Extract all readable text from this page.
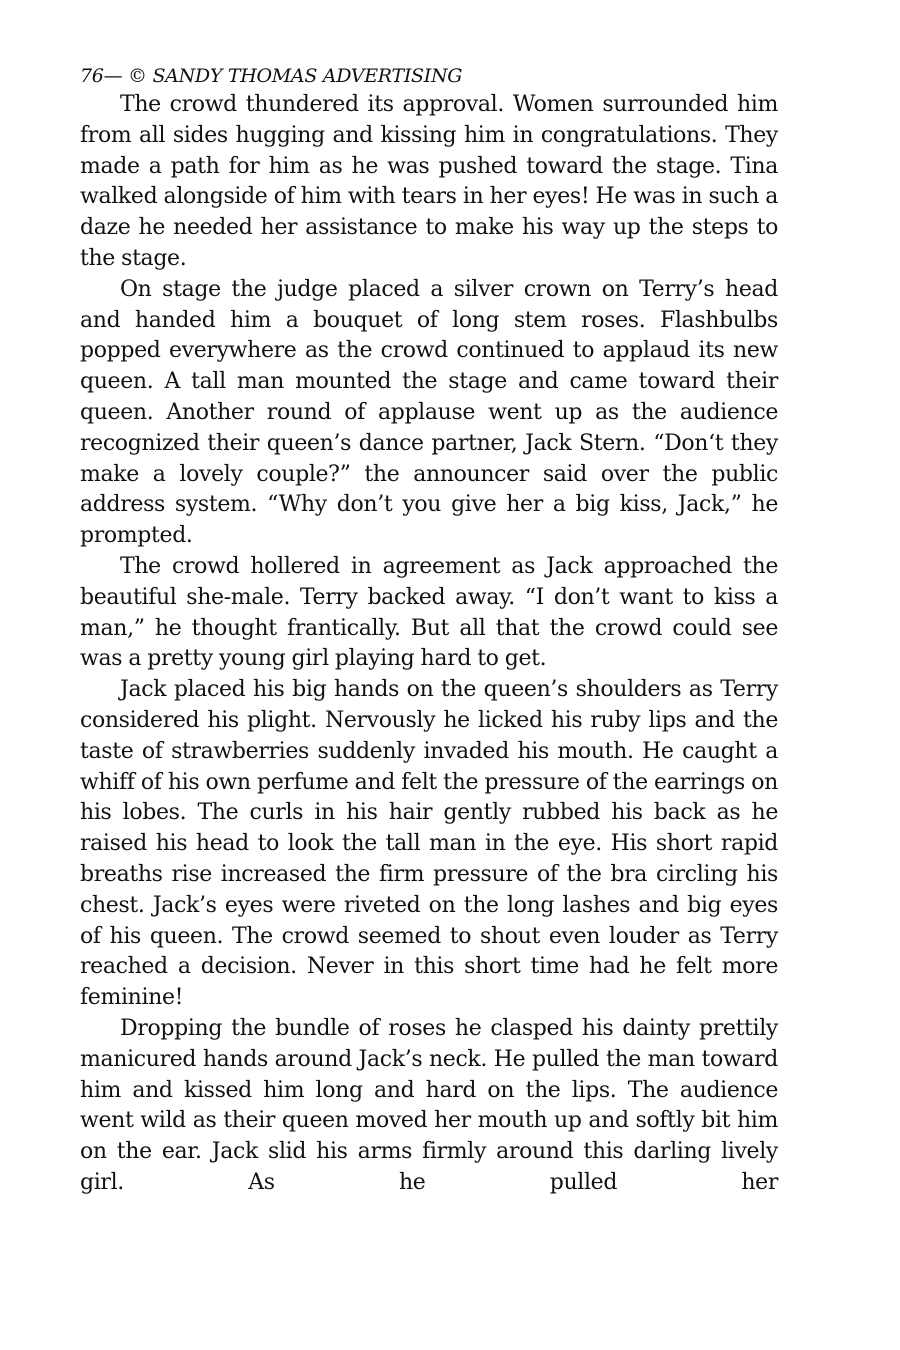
76— © SANDY THOMAS ADVERTISING

The crowd thundered its approval. Women surrounded him from all sides hugging and kissing him in congratulations. They made a path for him as he was pushed toward the stage. Tina walked alongside of him with tears in her eyes! He was in such a daze he needed her assistance to make his way up the steps to the stage.

On stage the judge placed a silver crown on Terry’s head and handed him a bouquet of long stem roses. Flashbulbs popped everywhere as the crowd continued to applaud its new queen. A tall man mounted the stage and came toward their queen. Another round of applause went up as the audience recognized their queen’s dance partner, Jack Stern. “Don‘t they make a lovely couple?” the announcer said over the public address system. “Why don’t you give her a big kiss, Jack,” he prompted.

The crowd hollered in agreement as Jack approached the beautiful she-male. Terry backed away. “I don’t want to kiss a man,” he thought frantically. But all that the crowd could see was a pretty young girl playing hard to get.

Jack placed his big hands on the queen’s shoulders as Terry considered his plight. Nervously he licked his ruby lips and the taste of strawberries suddenly invaded his mouth. He caught a whiff of his own perfume and felt the pressure of the earrings on his lobes. The curls in his hair gently rubbed his back as he raised his head to look the tall man in the eye. His short rapid breaths rise increased the firm pressure of the bra circling his chest. Jack’s eyes were riveted on the long lashes and big eyes of his queen. The crowd seemed to shout even louder as Terry reached a decision. Never in this short time had he felt more feminine!

Dropping the bundle of roses he clasped his dainty prettily manicured hands around Jack’s neck. He pulled the man toward him and kissed him long and hard on the lips. The audience went wild as their queen moved her mouth up and softly bit him on the ear. Jack slid his arms firmly around this darling lively girl. As he pulled her
